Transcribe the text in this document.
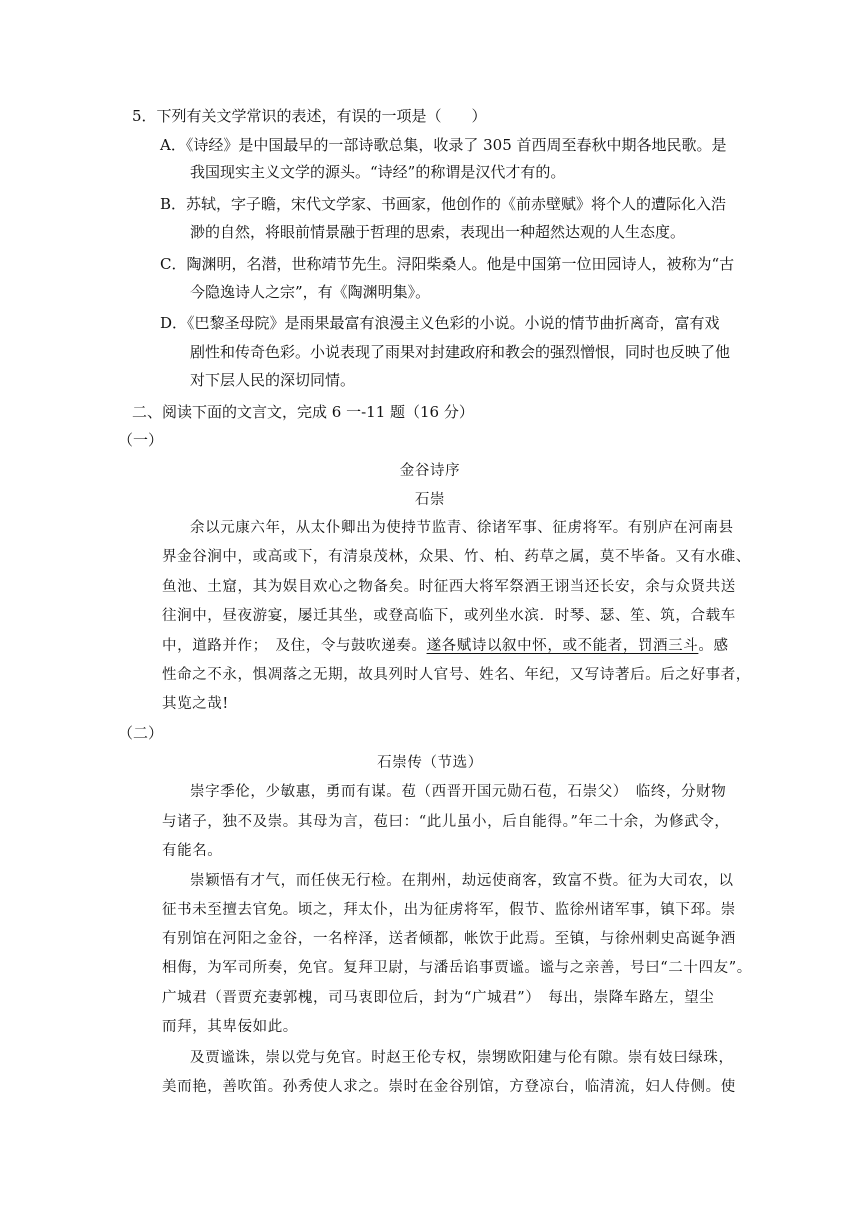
5．下列有关文学常识的表述，有误的一项是（　　）

A．《诗经》是中国最早的一部诗歌总集，收录了 305 首西周至春秋中期各地民歌。是

我国现实主义文学的源头。“诗经”的称谓是汉代才有的。

B．苏轼，字子瞻，宋代文学家、书画家，他创作的《前赤壁赋》将个人的遭际化入浩

渺的自然，将眼前情景融于哲理的思索，表现出一种超然达观的人生态度。

C．陶渊明，名潜，世称靖节先生。浔阳柴桑人。他是中国第一位田园诗人，被称为“古

今隐逸诗人之宗”，有《陶渊明集》。

D．《巴黎圣母院》是雨果最富有浪漫主义色彩的小说。小说的情节曲折离奇，富有戏

剧性和传奇色彩。小说表现了雨果对封建政府和教会的强烈憎恨，同时也反映了他

对下层人民的深切同情。

二、阅读下面的文言文，完成 6 一-11 题（16 分）

（一）

金谷诗序

石崇

余以元康六年，从太仆卿出为使持节监青、徐诸军事、征虏将军。有别庐在河南县

界金谷涧中，或高或下，有清泉茂林，众果、竹、柏、药草之属，莫不毕备。又有水碓、

鱼池、土窟，其为娱目欢心之物备矣。时征西大将军祭酒王诩当还长安，余与众贤共送

往涧中，昼夜游宴，屡迁其坐，或登高临下，或列坐水滨．时琴、瑟、笙、筑，合载车

中，道路并作；　及住，令与鼓吹递奏。遂各赋诗以叙中怀，或不能者，罚酒三斗。感

性命之不永，惧凋落之无期，故具列时人官号、姓名、年纪，又写诗著后。后之好事者，

其览之哉!

（二）

石崇传（节选）

崇字季伦，少敏惠，勇而有谋。苞（西晋开国元勋石苞，石崇父）　临终，分财物

与诸子，独不及崇。其母为言，苞曰：“此儿虽小，后自能得。”年二十余，为修武令，

有能名。

崇颖悟有才气，而任侠无行检。在荆州，劫远使商客，致富不赀。征为大司农，以

征书未至擅去官免。顷之，拜太仆，出为征虏将军，假节、监徐州诸军事，镇下邳。崇

有别馆在河阳之金谷，一名梓泽，送者倾都，帐饮于此焉。至镇，与徐州刺史高诞争酒

相侮，为军司所奏，免官。复拜卫尉，与潘岳谄事贾谧。谧与之亲善，号曰“二十四友”。

广城君（晋贾充妻郭槐，司马衷即位后，封为“广城君”）　每出，崇降车路左，望尘

而拜，其卑佞如此。

及贾谧诛，崇以党与免官。时赵王伦专权，崇甥欧阳建与伦有隙。崇有妓曰绿珠，

美而艳，善吹笛。孙秀使人求之。崇时在金谷别馆，方登凉台，临清流，妇人侍侧。使
